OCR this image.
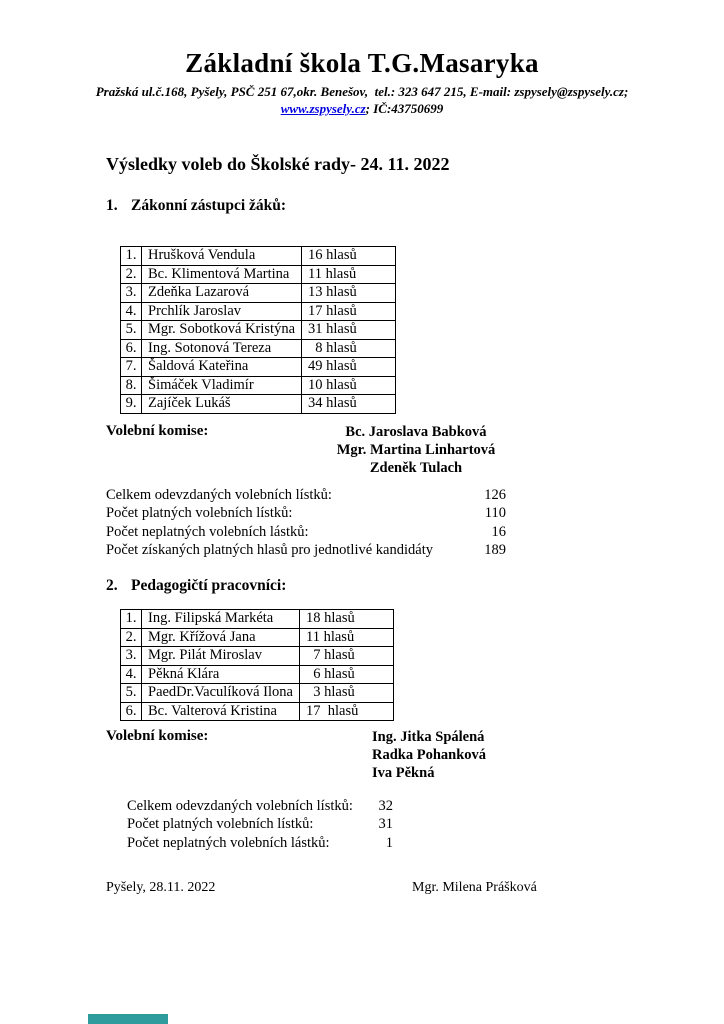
Základní škola T.G.Masaryka
Pražská ul.č.168, Pyšely, PSČ 251 67,okr. Benešov,  tel.: 323 647 215, E-mail: zspysely@zspysely.cz;
www.zspysely.cz; IČ:43750699
Výsledky voleb do Školské rady- 24. 11. 2022
1. Zákonní zástupci žáků:
1.	Hrušková Vendula	16 hlasů
2.	Bc. Klimentová Martina	11 hlasů
3.	Zdeňka Lazarová	13 hlasů
4.	Prchlík Jaroslav	17 hlasů
5.	Mgr. Sobotková Kristýna	31 hlasů
6.	Ing. Sotonová Tereza	8 hlasů
7.	Šaldová Kateřina	49 hlasů
8.	Šimáček Vladimír	10 hlasů
9.	Zajíček Lukáš	34 hlasů
Volební komise:	Bc. Jaroslava Babková
Mgr. Martina Linhartová
Zdeněk Tulach
Celkem odevzdaných volebních lístků:	126
Počet platných volebních lístků:	110
Počet neplatných volebních lástků:	16
Počet získaných platných hlasů pro jednotlivé kandidáty	189
2. Pedagogičtí pracovníci:
1.	Ing. Filipská Markéta	18 hlasů
2.	Mgr. Křížová Jana	11 hlasů
3.	Mgr. Pilát Miroslav	7 hlasů
4.	Pěkná Klára	6 hlasů
5.	PaedDr.Vaculíková Ilona	3 hlasů
6.	Bc. Valterová Kristina	17  hlasů
Volební komise:	Ing. Jitka Spálená
Radka Pohanková
Iva Pěkná
Celkem odevzdaných volebních lístků:	32
Počet platných volebních lístků:	31
Počet neplatných volebních lástků:	1
Pyšely, 28.11. 2022	Mgr. Milena Prášková
